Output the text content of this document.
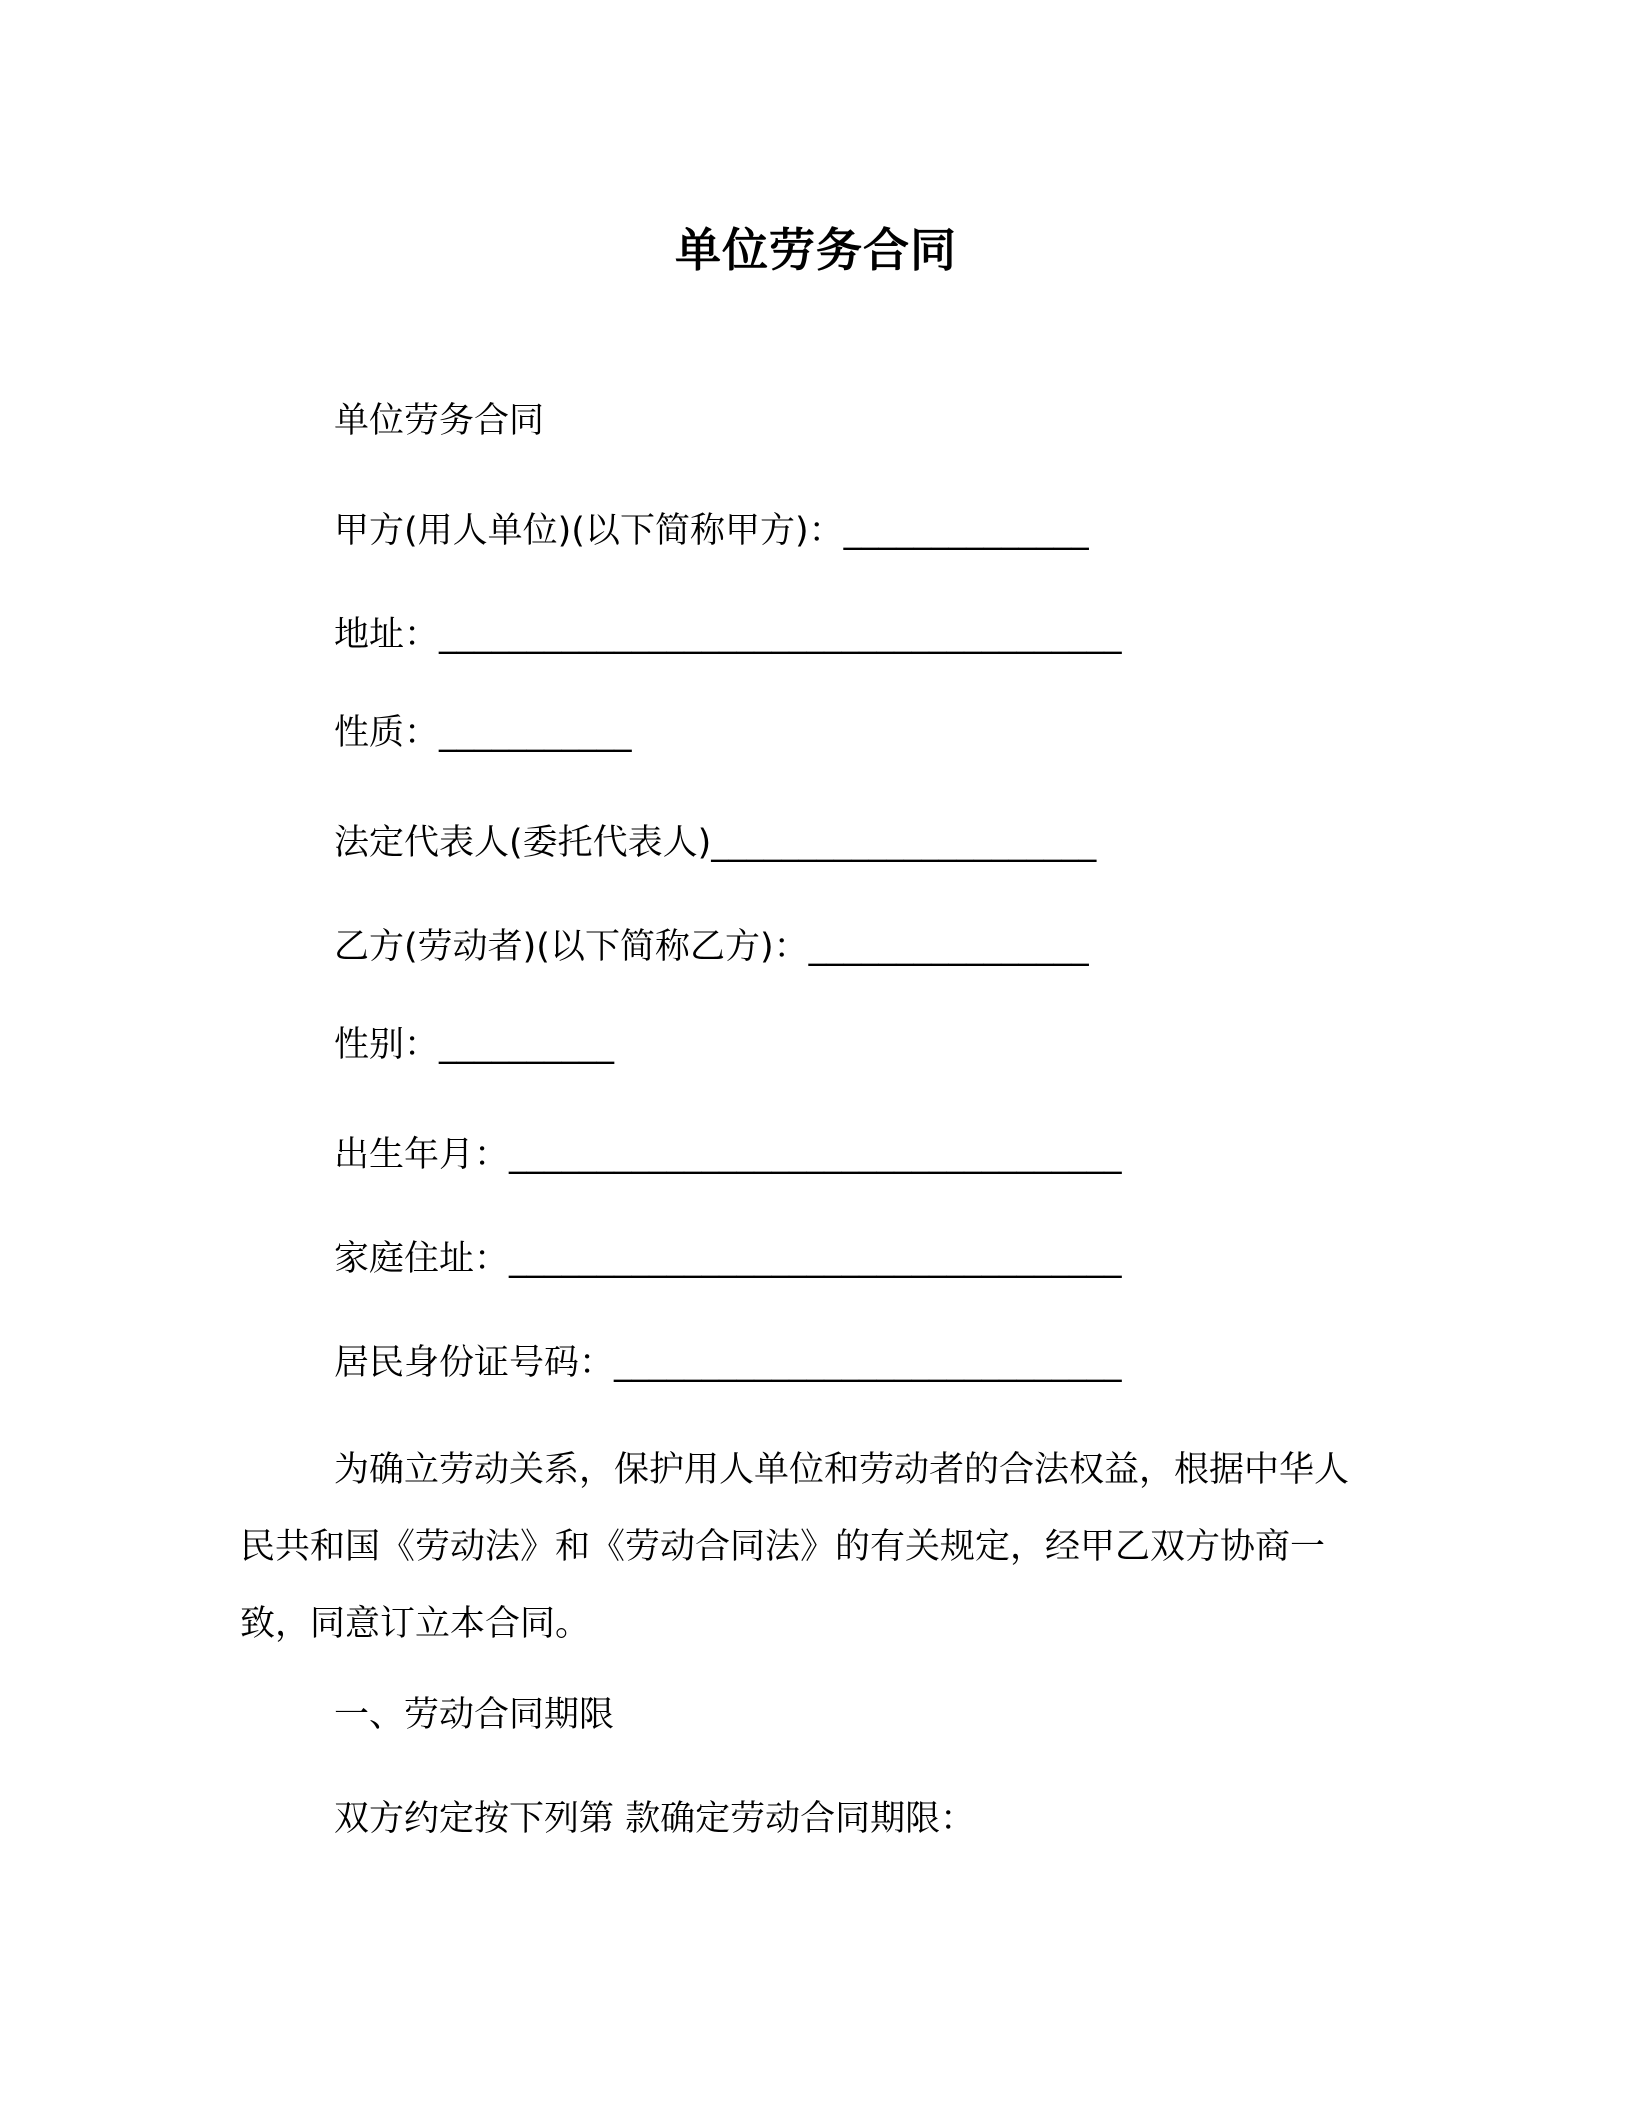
单位劳务合同
单位劳务合同
甲方(用人单位)(以下简称甲方)：______________
地址：_______________________________________
性质：___________
法定代表人(委托代表人)______________________
乙方(劳动者)(以下简称乙方)：________________
性别：__________
出生年月：___________________________________
家庭住址：___________________________________
居民身份证号码：_____________________________
为确立劳动关系，保护用人单位和劳动者的合法权益，根据中华人民共和国《劳动法》和《劳动合同法》的有关规定，经甲乙双方协商一致，同意订立本合同。
一、劳动合同期限
双方约定按下列第 款确定劳动合同期限：
